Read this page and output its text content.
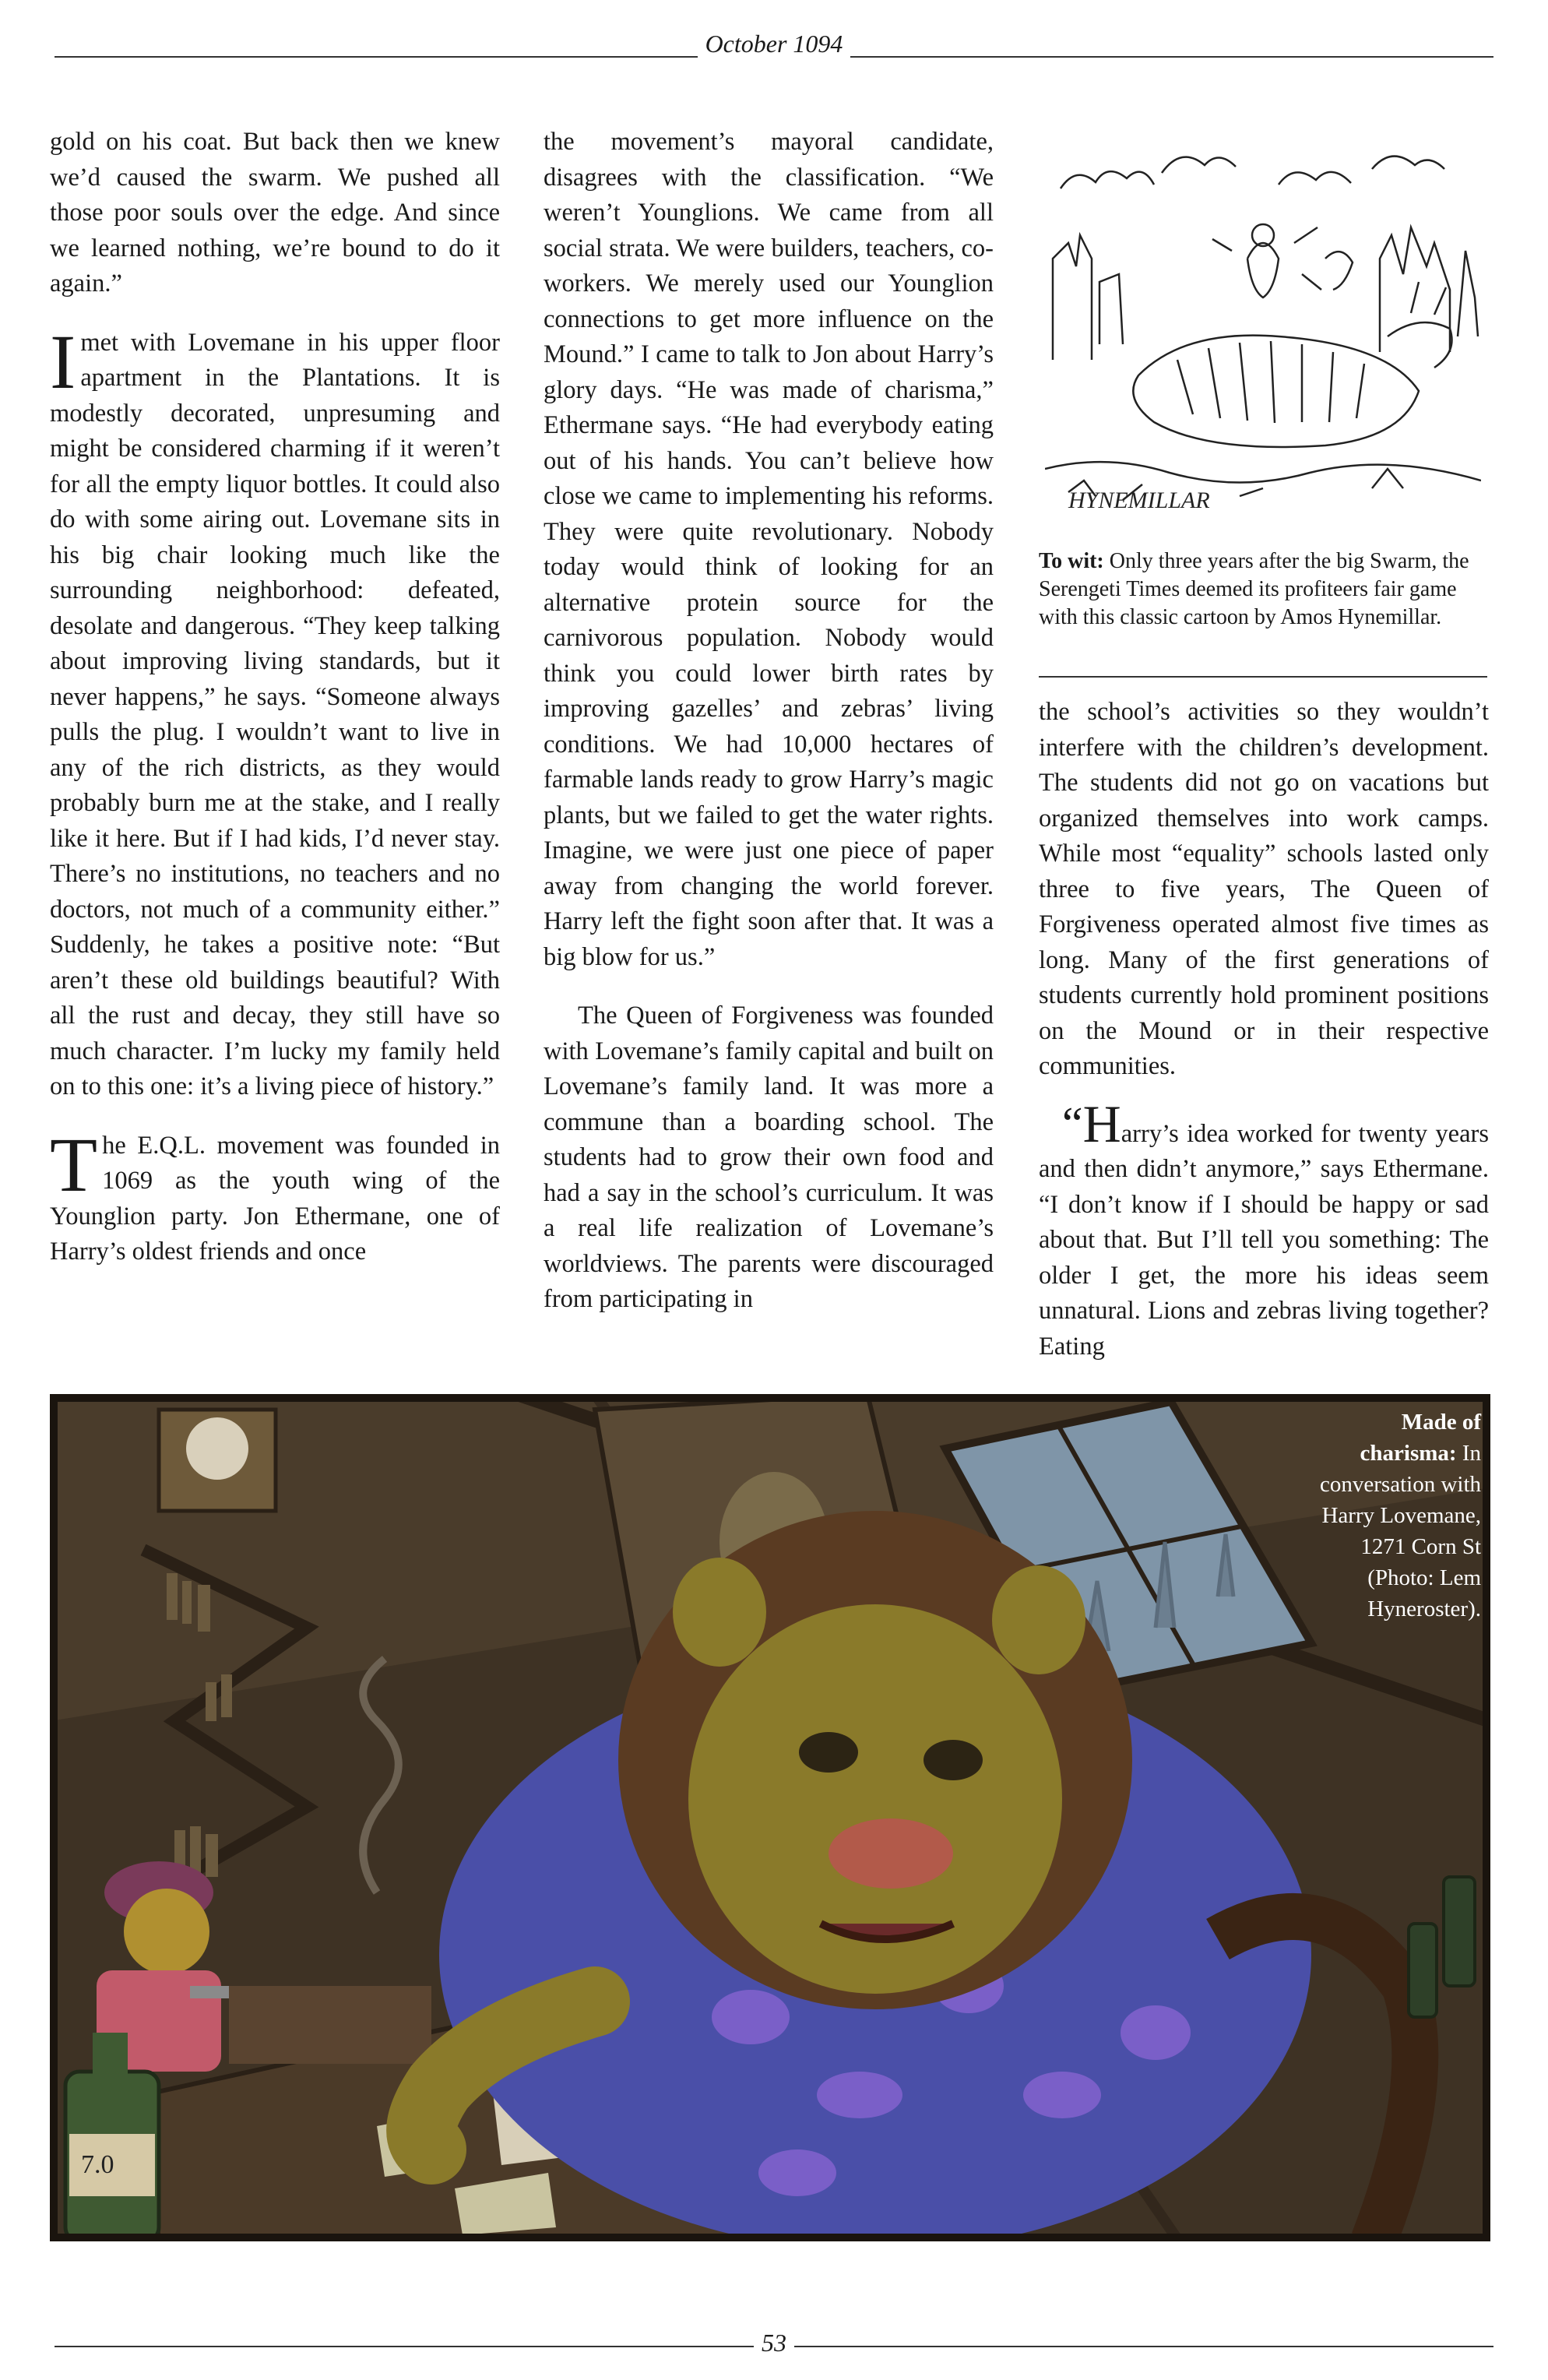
October 1094

gold on his coat. But back then we knew we’d caused the swarm. We pushed all those poor souls over the edge. And since we learned nothing, we’re bound to do it again.”

Imet with Lovemane in his upper floor apartment in the Plantations. It is modestly decorated, unpresuming and might be considered charming if it weren’t for all the empty liquor bottles. It could also do with some airing out. Lovemane sits in his big chair looking much like the surrounding neighborhood: defeated, desolate and dangerous. “They keep talking about improving living standards, but it never happens,” he says. “Someone always pulls the plug. I wouldn’t want to live in any of the rich districts, as they would probably burn me at the stake, and I really like it here. But if I had kids, I’d never stay. There’s no institutions, no teachers and no doctors, not much of a community either.” Suddenly, he takes a positive note: “But aren’t these old buildings beautiful? With all the rust and decay, they still have so much character. I’m lucky my family held on to this one: it’s a living piece of history.”

The E.Q.L. movement was founded in 1069 as the youth wing of the Younglion party. Jon Ethermane, one of Harry’s oldest friends and once

the movement’s mayoral candidate, disagrees with the classification. “We weren’t Younglions. We came from all social strata. We were builders, teachers, co-workers. We merely used our Younglion connections to get more influence on the Mound.” I came to talk to Jon about Harry’s glory days. “He was made of charisma,” Ethermane says. “He had everybody eating out of his hands. You can’t believe how close we came to implementing his reforms. They were quite revolutionary. Nobody today would think of looking for an alternative protein source for the carnivorous population. Nobody would think you could lower birth rates by improving gazelles’ and zebras’ living conditions. We had 10,000 hectares of farmable lands ready to grow Harry’s magic plants, but we failed to get the water rights. Imagine, we were just one piece of paper away from changing the world forever. Harry left the fight soon after that. It was a big blow for us.”

The Queen of Forgiveness was founded with Lovemane’s family capital and built on Lovemane’s family land. It was more a commune than a boarding school. The students had to grow their own food and had a say in the school’s curriculum. It was a real life realization of Lovemane’s worldviews. The parents were discouraged from participating in

HYNEMILLAR
To wit: Only three years after the big Swarm, the Serengeti Times deemed its profiteers fair game with this classic cartoon by Amos Hynemillar.

the school’s activities so they wouldn’t interfere with the children’s development. The students did not go on vacations but organized themselves into work camps. While most “equality” schools lasted only three to five years, The Queen of Forgiveness operated almost five times as long. Many of the first generations of students currently hold prominent positions on the Mound or in their respective communities.

“Harry’s idea worked for twenty years and then didn’t anymore,” says Ethermane. “I don’t know if I should be happy or sad about that. But I’ll tell you something: The older I get, the more his ideas seem unnatural. Lions and zebras living together? Eating

7.0
Made of charisma: In conversation with Harry Lovemane, 1271 Corn St (Photo: Lem Hyneroster).
53
